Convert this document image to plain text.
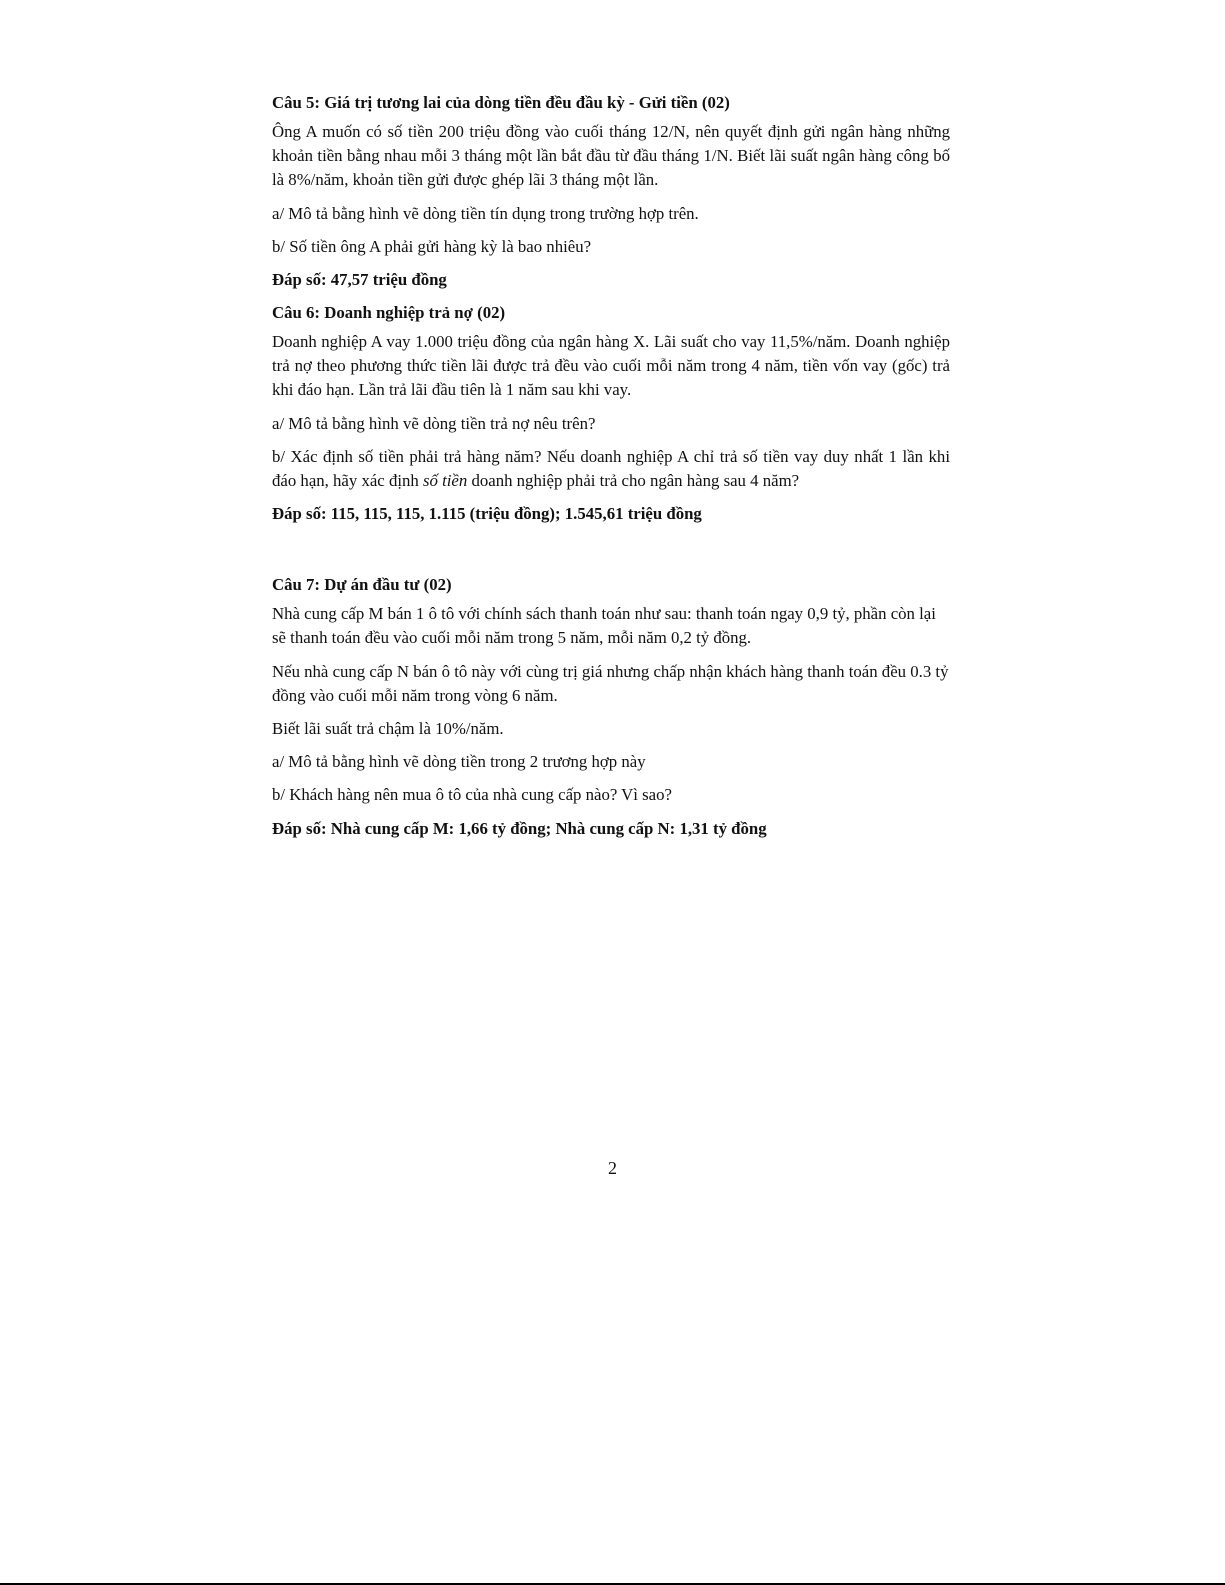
Câu 5: Giá trị tương lai của dòng tiền đều đầu kỳ - Gửi tiền (02)

Ông A muốn có số tiền 200 triệu đồng vào cuối tháng 12/N, nên quyết định gửi ngân hàng những khoản tiền bằng nhau mỗi 3 tháng một lần bắt đầu từ đầu tháng 1/N. Biết lãi suất ngân hàng công bố là 8%/năm, khoản tiền gửi được ghép lãi 3 tháng một lần.

a/ Mô tả bằng hình vẽ dòng tiền tín dụng trong trường hợp trên.

b/ Số tiền ông A phải gửi hàng kỳ là bao nhiêu?

Đáp số: 47,57 triệu đồng

Câu 6: Doanh nghiệp trả nợ (02)

Doanh nghiệp A vay 1.000 triệu đồng của ngân hàng X. Lãi suất cho vay 11,5%/năm. Doanh nghiệp trả nợ theo phương thức tiền lãi được trả đều vào cuối mỗi năm trong 4 năm, tiền vốn vay (gốc) trả khi đáo hạn. Lần trả lãi đầu tiên là 1 năm sau khi vay.

a/ Mô tả bằng hình vẽ dòng tiền trả nợ nêu trên?

b/ Xác định số tiền phải trả hàng năm? Nếu doanh nghiệp A chỉ trả số tiền vay duy nhất 1 lần khi đáo hạn, hãy xác định số tiền doanh nghiệp phải trả cho ngân hàng sau 4 năm?

Đáp số: 115, 115, 115, 1.115 (triệu đồng); 1.545,61 triệu đồng

Câu 7: Dự án đầu tư (02)

Nhà cung cấp M bán 1 ô tô với chính sách thanh toán như sau: thanh toán ngay 0,9 tỷ, phần còn lại sẽ thanh toán đều vào cuối mỗi năm trong 5 năm, mỗi năm 0,2 tỷ đồng.

Nếu nhà cung cấp N bán ô tô này với cùng trị giá nhưng chấp nhận khách hàng thanh toán đều 0.3 tỷ đồng vào cuối mỗi năm trong vòng 6 năm.

Biết lãi suất trả chậm là 10%/năm.

a/ Mô tả bằng hình vẽ dòng tiền trong 2 trương hợp này

b/ Khách hàng nên mua ô tô của nhà cung cấp nào? Vì sao?

Đáp số: Nhà cung cấp M: 1,66 tỷ đồng; Nhà cung cấp N: 1,31 tỷ đồng

2
